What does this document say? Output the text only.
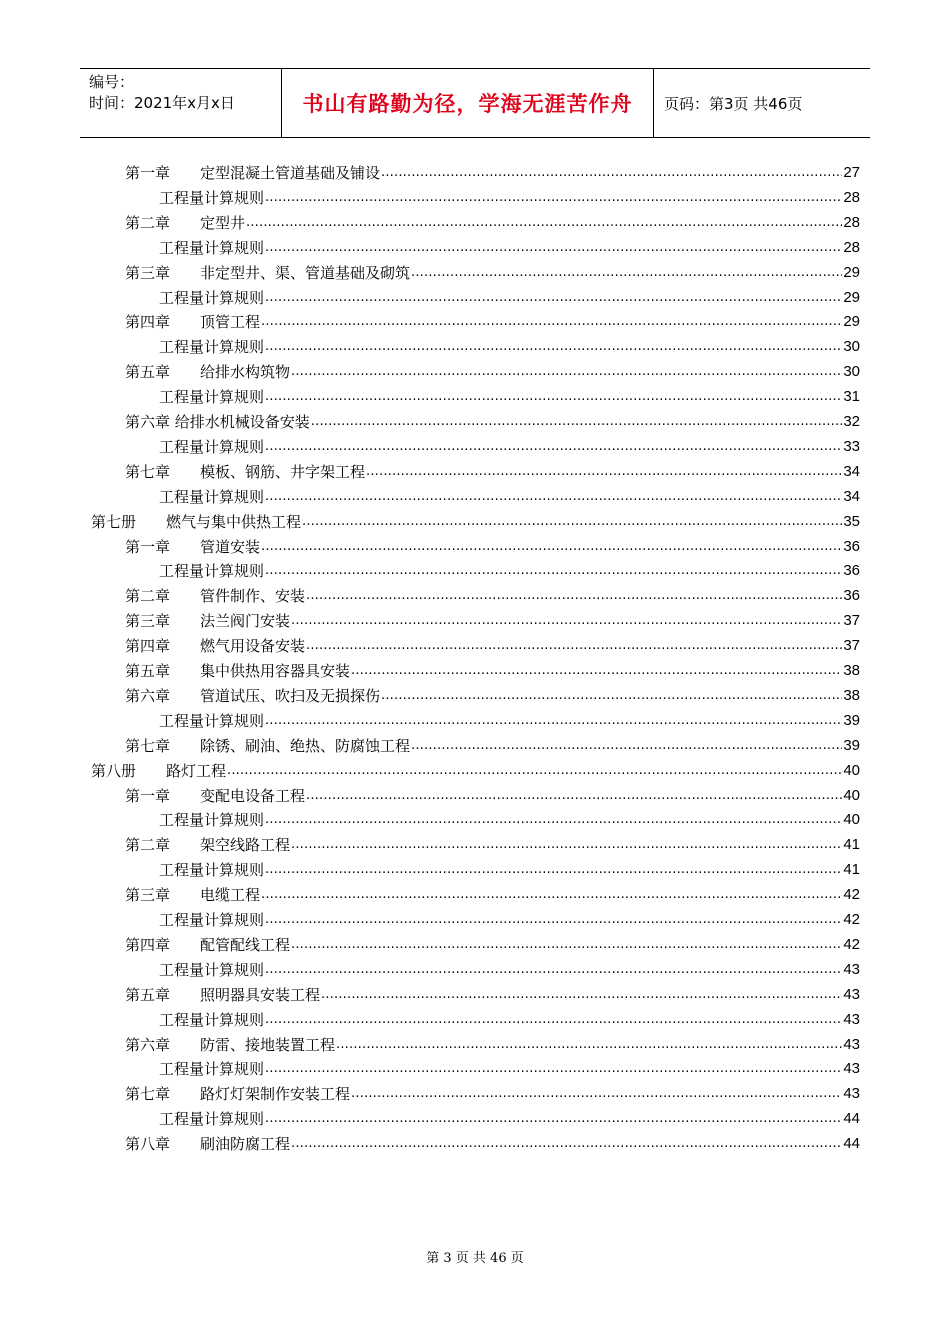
编号：
时间：2021年x月x日	书山有路勤为径，学海无涯苦作舟 页码：第3页 共46页
第一章 定型混凝土管道基础及铺设 .....	27
工程量计算规则 .....	28
第二章 定型井 .....	28
工程量计算规则 .....	28
第三章 非定型井、渠、管道基础及砌筑 .....	29
工程量计算规则 .....	29
第四章 顶管工程 .....	29
工程量计算规则 .....	30
第五章 给排水构筑物 .....	30
工程量计算规则 .....	31
第六章 给排水机械设备安装 .....	32
工程量计算规则 .....	33
第七章 模板、钢筋、井字架工程 .....	34
工程量计算规则 .....	34
第七册 燃气与集中供热工程 .....	35
第一章 管道安装 .....	36
工程量计算规则 .....	36
第二章 管件制作、安装 .....	36
第三章 法兰阀门安装 .....	37
第四章 燃气用设备安装 .....	37
第五章 集中供热用容器具安装 .....	38
第六章 管道试压、吹扫及无损探伤 .....	38
工程量计算规则 .....	39
第七章 除锈、刷油、绝热、防腐蚀工程 .....	39
第八册 路灯工程 .....	40
第一章 变配电设备工程 .....	40
工程量计算规则 .....	40
第二章 架空线路工程 .....	41
工程量计算规则 .....	41
第三章 电缆工程 .....	42
工程量计算规则 .....	42
第四章 配管配线工程 .....	42
工程量计算规则 .....	43
第五章 照明器具安装工程 .....	43
工程量计算规则 .....	43
第六章 防雷、接地装置工程 .....	43
工程量计算规则 .....	43
第七章 路灯灯架制作安装工程 .....	43
工程量计算规则 .....	44
第八章 刷油防腐工程 .....	44
第 3 页 共 46 页
